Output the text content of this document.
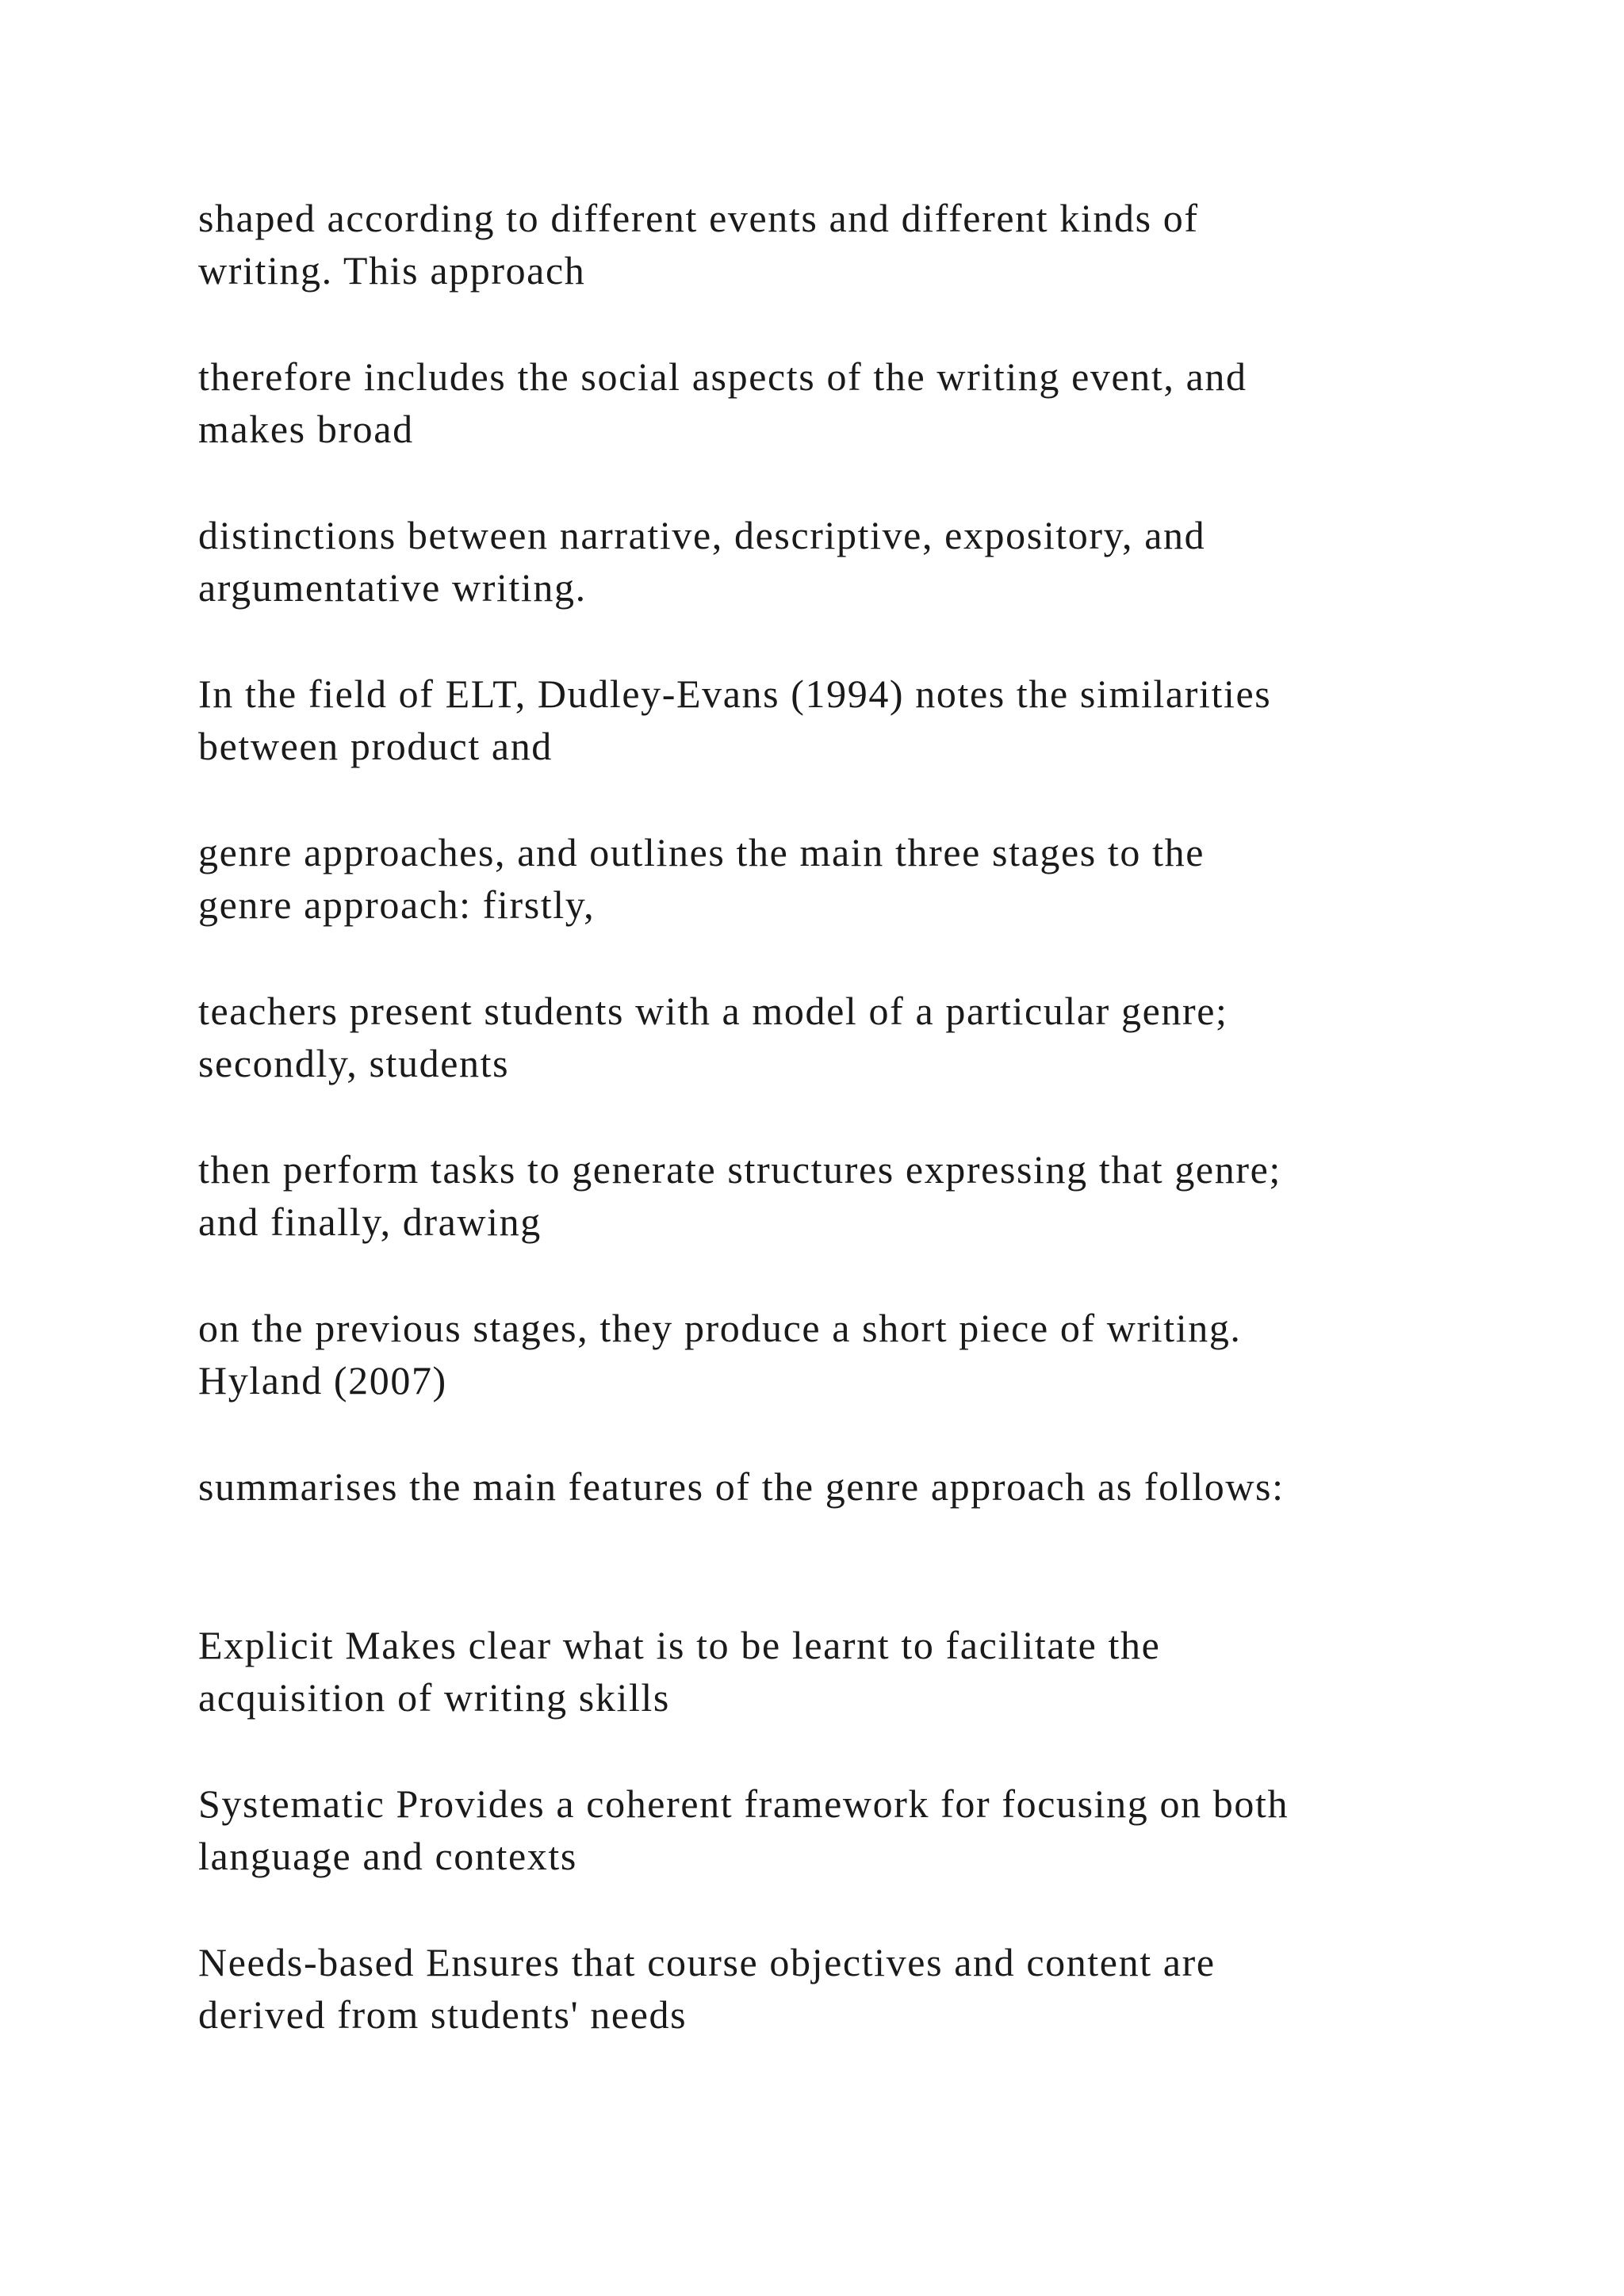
shaped according to different events and different kinds of
writing. This approach

therefore includes the social aspects of the writing event, and
makes broad

distinctions between narrative, descriptive, expository, and
argumentative writing.

In the field of ELT, Dudley-Evans (1994) notes the similarities
between product and

genre approaches, and outlines the main three stages to the
genre approach: firstly,

teachers present students with a model of a particular genre;
secondly, students

then perform tasks to generate structures expressing that genre;
and finally, drawing

on the previous stages, they produce a short piece of writing.
Hyland (2007)

summarises the main features of the genre approach as follows:

Explicit Makes clear what is to be learnt to facilitate the
acquisition of writing skills

Systematic Provides a coherent framework for focusing on both
language and contexts

Needs-based Ensures that course objectives and content are
derived from students' needs
